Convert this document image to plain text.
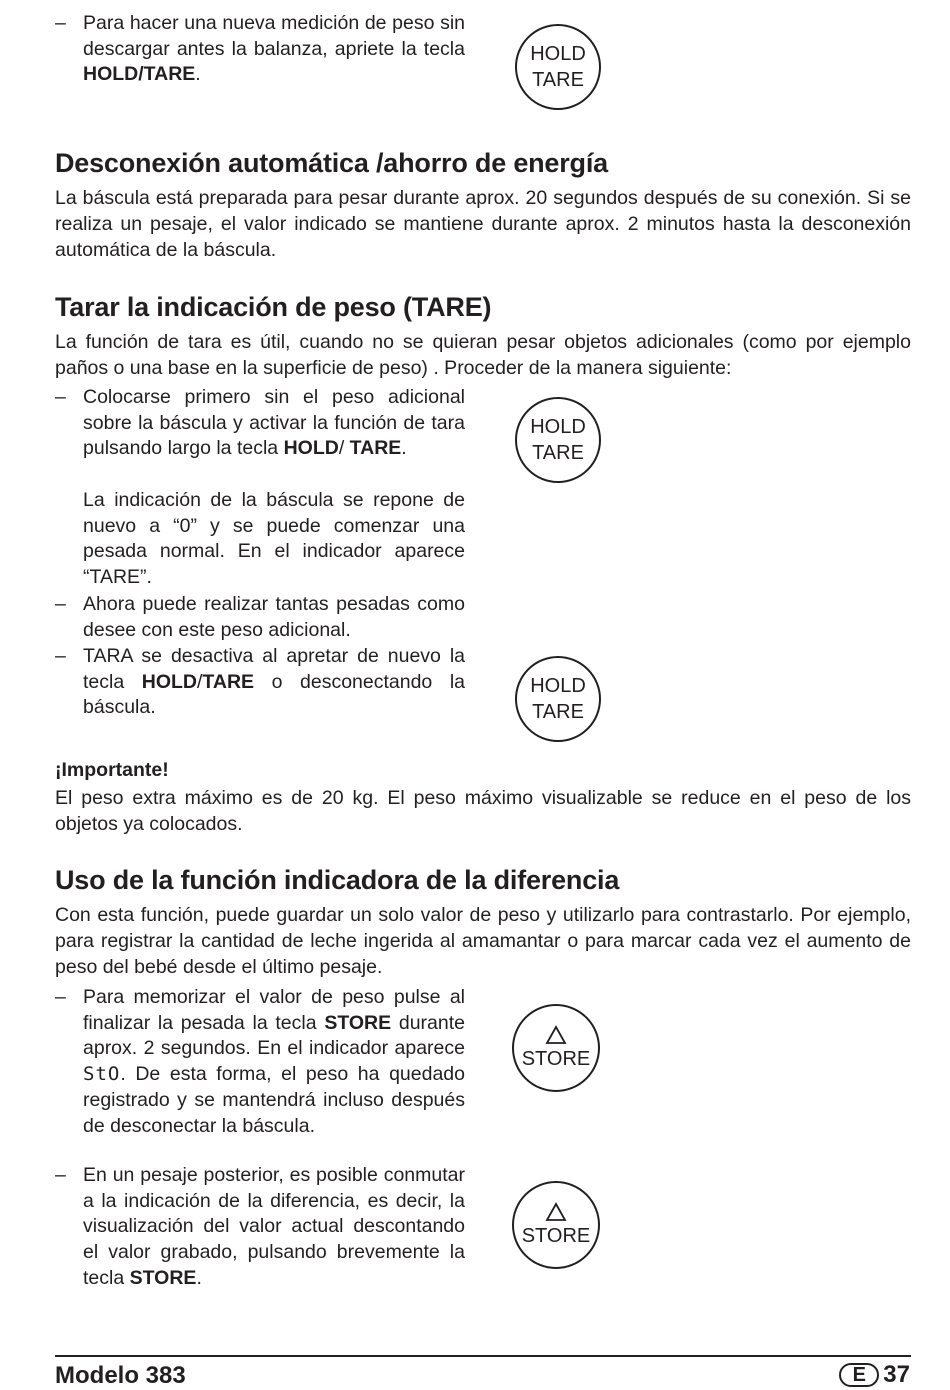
– Para hacer una nueva medición de peso sin descargar antes la balanza, apriete la tecla HOLD/TARE.
HOLD
TARE
Desconexión automática /ahorro de energía
La báscula está preparada para pesar durante aprox. 20 segundos después de su conexión. Si se realiza un pesaje, el valor indicado se mantiene durante aprox. 2 minutos hasta la desconexión automática de la báscula.
Tarar la indicación de peso (TARE)
La función de tara es útil, cuando no se quieran pesar objetos adicionales (como por ejemplo paños o una base en la superficie de peso) . Proceder de la manera siguiente:
– Colocarse primero sin el peso adicional sobre la báscula y activar la función de tara pulsando largo la tecla HOLD/ TARE.
La indicación de la báscula se repone de nuevo a “0” y se puede comenzar una pesada normal. En el indicador aparece “TARE”.
HOLD
TARE
– Ahora puede realizar tantas pesadas como desee con este peso adicional.
– TARA se desactiva al apretar de nuevo la tecla HOLD/TARE o desconectando la báscula.
HOLD
TARE
¡Importante!
El peso extra máximo es de 20 kg. El peso máximo visualizable se reduce en el peso de los objetos ya colocados.
Uso de la función indicadora de la diferencia
Con esta función, puede guardar un solo valor de peso y utilizarlo para contrastarlo. Por ejemplo, para registrar la cantidad de leche ingerida al amamantar o para marcar cada vez el aumento de peso del bebé desde el último pesaje.
– Para memorizar el valor de peso pulse al finalizar la pesada la tecla STORE durante aprox. 2 segundos. En el indicador aparece StO. De esta forma, el peso ha quedado registrado y se mantendrá incluso después de desconectar la báscula.
STORE
– En un pesaje posterior, es posible conmutar a la indicación de la diferencia, es decir, la visualización del valor actual descontando el valor grabado, pulsando brevemente la tecla STORE.
STORE
Modelo 383	E 37
